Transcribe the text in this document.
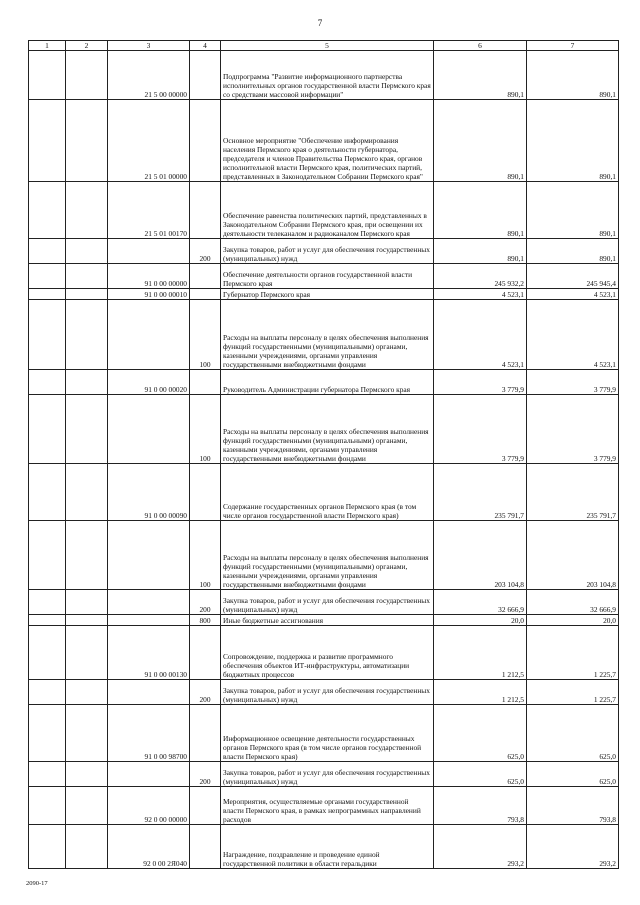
7
1	2	3	4	5	6	7
		21 5 00 00000		Подпрограмма "Развитие информационного партнерства исполнительных органов государственной власти Пермского края со средствами массовой информации"	890,1	890,1
		21 5 01 00000		Основное мероприятие "Обеспечение информирования населения Пермского края о деятельности губернатора, председателя и членов Правительства Пермского края, органов исполнительной власти Пермского края, политических партий, представленных в Законодательном Собрании Пермского края"	890,1	890,1
		21 5 01 00170		Обеспечение равенства политических партий, представленных в Законодательном Собрании Пермского края, при освещении их деятельности телеканалом и радиоканалом Пермского края	890,1	890,1
			200	Закупка товаров, работ и услуг для обеспечения государственных (муниципальных) нужд	890,1	890,1
		91 0 00 00000		Обеспечение деятельности органов государственной власти Пермского края	245 932,2	245 945,4
		91 0 00 00010		Губернатор Пермского края	4 523,1	4 523,1
			100	Расходы на выплаты персоналу в целях обеспечения выполнения функций государственными (муниципальными) органами, казенными учреждениями, органами управления государственными внебюджетными фондами	4 523,1	4 523,1
		91 0 00 00020		Руководитель Администрации губернатора Пермского края	3 779,9	3 779,9
			100	Расходы на выплаты персоналу в целях обеспечения выполнения функций государственными (муниципальными) органами, казенными учреждениями, органами управления государственными внебюджетными фондами	3 779,9	3 779,9
		91 0 00 00090		Содержание государственных органов Пермского края (в том числе органов государственной власти Пермского края)	235 791,7	235 791,7
			100	Расходы на выплаты персоналу в целях обеспечения выполнения функций государственными (муниципальными) органами, казенными учреждениями, органами управления государственными внебюджетными фондами	203 104,8	203 104,8
			200	Закупка товаров, работ и услуг для обеспечения государственных (муниципальных) нужд	32 666,9	32 666,9
			800	Иные бюджетные ассигнования	20,0	20,0
		91 0 00 00130		Сопровождение, поддержка и развитие программного обеспечения объектов ИТ-инфраструктуры, автоматизации бюджетных процессов	1 212,5	1 225,7
			200	Закупка товаров, работ и услуг для обеспечения государственных (муниципальных) нужд	1 212,5	1 225,7
		91 0 00 98700		Информационное освещение деятельности государственных органов Пермского края (в том числе органов государственной власти Пермского края)	625,0	625,0
			200	Закупка товаров, работ и услуг для обеспечения государственных (муниципальных) нужд	625,0	625,0
		92 0 00 00000		Мероприятия, осуществляемые органами государственной власти Пермского края, в рамках непрограммных направлений расходов	793,8	793,8
		92 0 00 2Я040		Награждение, поздравление и проведение единой государственной политики в области геральдики	293,2	293,2
2090-17
